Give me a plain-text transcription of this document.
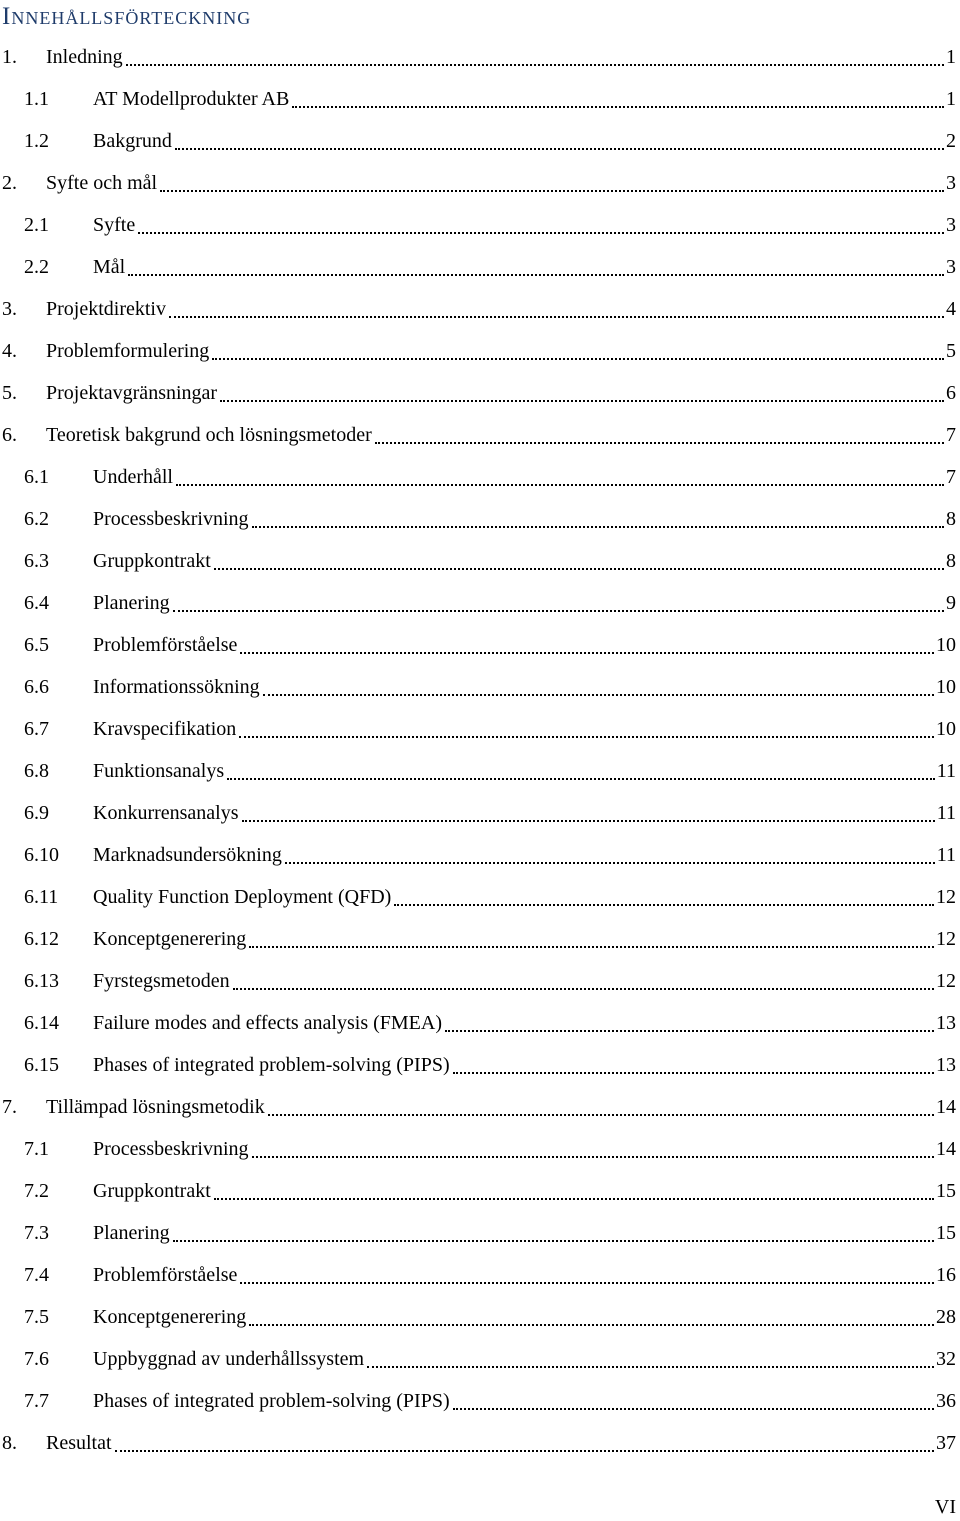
Innehållsförteckning
1. Inledning	1
1.1 AT Modellprodukter AB	1
1.2 Bakgrund	2
2. Syfte och mål	3
2.1 Syfte	3
2.2 Mål	3
3. Projektdirektiv	4
4. Problemformulering	5
5. Projektavgränsningar	6
6. Teoretisk bakgrund och lösningsmetoder	7
6.1 Underhåll	7
6.2 Processbeskrivning	8
6.3 Gruppkontrakt	8
6.4 Planering	9
6.5 Problemförståelse	10
6.6 Informationssökning	10
6.7 Kravspecifikation	10
6.8 Funktionsanalys	11
6.9 Konkurrensanalys	11
6.10 Marknadsundersökning	11
6.11 Quality Function Deployment (QFD)	12
6.12 Konceptgenerering	12
6.13 Fyrstegsmetoden	12
6.14 Failure modes and effects analysis (FMEA)	13
6.15 Phases of integrated problem-solving (PIPS)	13
7. Tillämpad lösningsmetodik	14
7.1 Processbeskrivning	14
7.2 Gruppkontrakt	15
7.3 Planering	15
7.4 Problemförståelse	16
7.5 Konceptgenerering	28
7.6 Uppbyggnad av underhållssystem	32
7.7 Phases of integrated problem-solving (PIPS)	36
8. Resultat	37
VI
